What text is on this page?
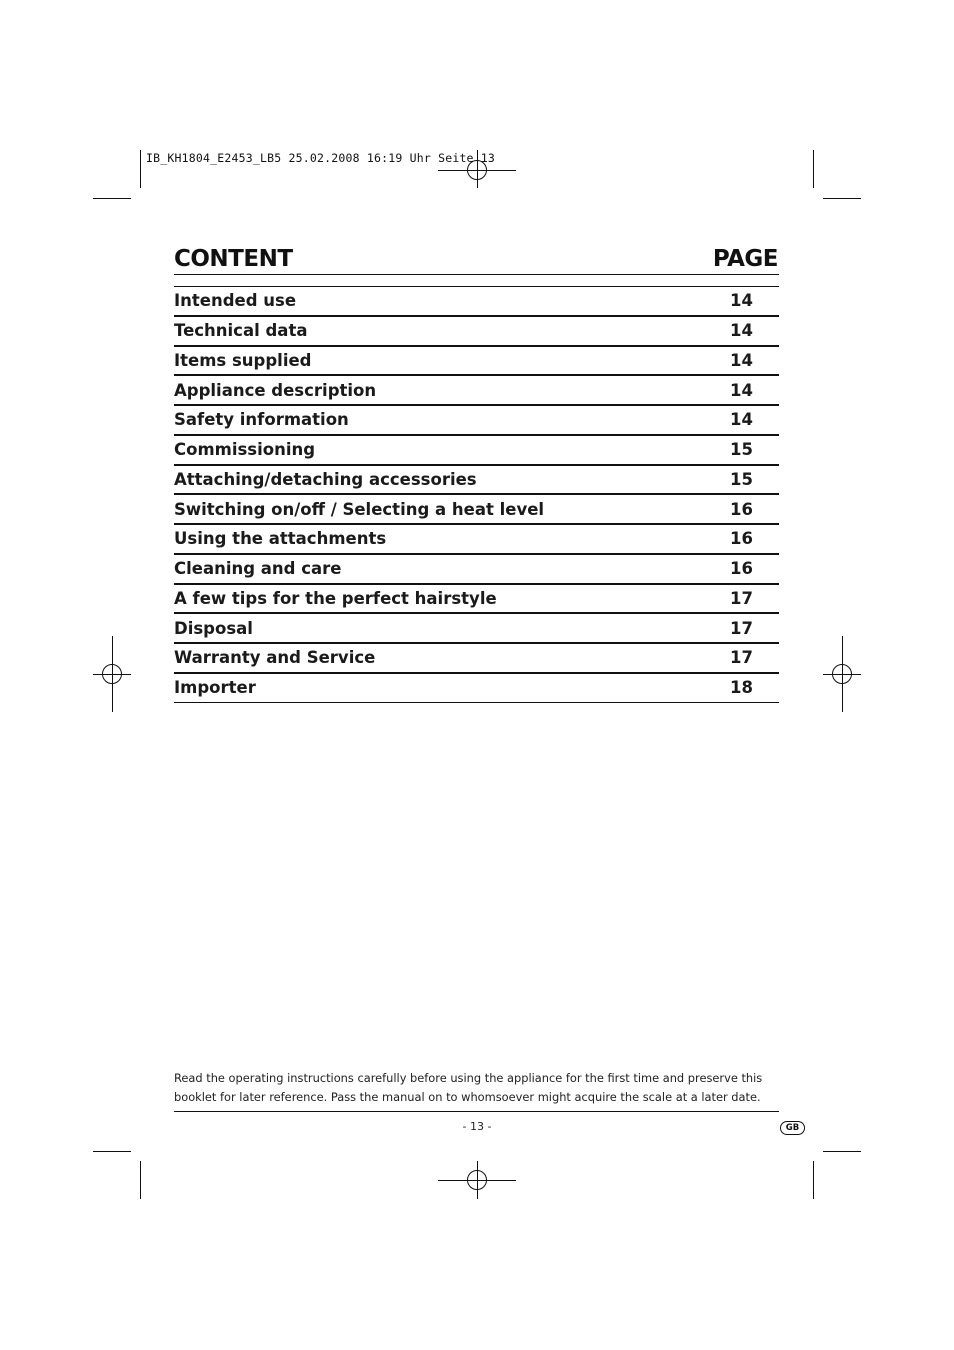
IB_KH1804_E2453_LB5 25.02.2008 16:19 Uhr Seite 13
CONTENT	PAGE
Intended use	14
Technical data	14
Items supplied	14
Appliance description	14
Safety information	14
Commissioning	15
Attaching/detaching accessories	15
Switching on/off / Selecting a heat level	16
Using the attachments	16
Cleaning and care	16
A few tips for the perfect hairstyle	17
Disposal	17
Warranty and Service	17
Importer	18
Read the operating instructions carefully before using the appliance for the first time and preserve this
booklet for later reference. Pass the manual on to whomsoever might acquire the scale at a later date.
- 13 -	GB
